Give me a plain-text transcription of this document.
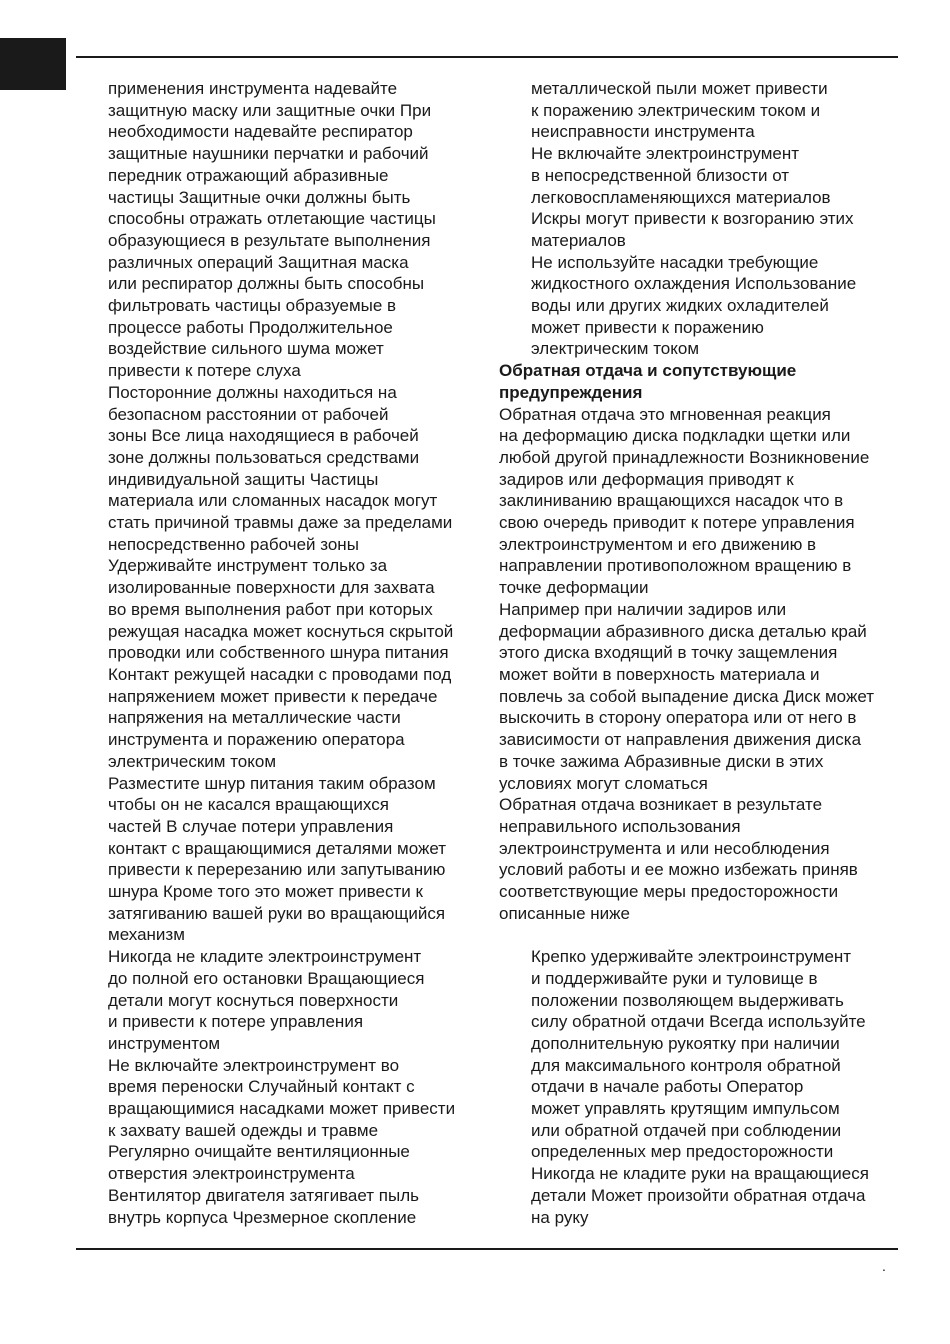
применения инструмента надевайте
защитную маску или защитные очки При
необходимости надевайте респиратор
защитные наушники перчатки и рабочий
передник отражающий абразивные
частицы Защитные очки должны быть
способны отражать отлетающие частицы
образующиеся в результате выполнения
различных операций Защитная маска
или респиратор должны быть способны
фильтровать частицы образуемые в
процессе работы Продолжительное
воздействие сильного шума может
привести к потере слуха
Посторонние должны находиться на
безопасном расстоянии от рабочей
зоны Все лица находящиеся в рабочей
зоне должны пользоваться средствами
индивидуальной защиты Частицы
материала или сломанных насадок могут
стать причиной травмы даже за пределами
непосредственно рабочей зоны
Удерживайте инструмент только за
изолированные поверхности для захвата
во время выполнения работ при которых
режущая насадка может коснуться скрытой
проводки или собственного шнура питания
Контакт режущей насадки с проводами под
напряжением может привести к передаче
напряжения на металлические части
инструмента и поражению оператора
электрическим током
Разместите шнур питания таким образом
чтобы он не касался вращающихся
частей В случае потери управления
контакт с вращающимися деталями может
привести к перерезанию или запутыванию
шнура Кроме того это может привести к
затягиванию вашей руки во вращающийся
механизм
Никогда не кладите электроинструмент
до полной его остановки Вращающиеся
детали могут коснуться поверхности
и привести к потере управления
инструментом
Не включайте электроинструмент во
время переноски Случайный контакт с
вращающимися насадками может привести
к захвату вашей одежды и травме
Регулярно очищайте вентиляционные
отверстия электроинструмента
Вентилятор двигателя затягивает пыль
внутрь корпуса Чрезмерное скопление
металлической пыли может привести
к поражению электрическим током и
неисправности инструмента
Не включайте электроинструмент
в непосредственной близости от
легковоспламеняющихся материалов
Искры могут привести к возгоранию этих
материалов
Не используйте насадки требующие
жидкостного охлаждения Использование
воды или других жидких охладителей
может привести к поражению
электрическим током
Обратная отдача и сопутствующие
предупреждения
Обратная отдача это мгновенная реакция
на деформацию диска подкладки щетки или
любой другой принадлежности Возникновение
задиров или деформация приводят к
заклиниванию вращающихся насадок что в
свою очередь приводит к потере управления
электроинструментом и его движению в
направлении противоположном вращению в
точке деформации
Например при наличии задиров или
деформации абразивного диска деталью край
этого диска входящий в точку защемления
может войти в поверхность материала и
повлечь за собой выпадение диска Диск может
выскочить в сторону оператора или от него в
зависимости от направления движения диска
в точке зажима Абразивные диски в этих
условиях могут сломаться
Обратная отдача возникает в результате
неправильного использования
электроинструмента и или несоблюдения
условий работы и ее можно избежать приняв
соответствующие меры предосторожности
описанные ниже
Крепко удерживайте электроинструмент
и поддерживайте руки и туловище в
положении позволяющем выдерживать
силу обратной отдачи Всегда используйте
дополнительную рукоятку при наличии
для максимального контроля обратной
отдачи в начале работы Оператор
может управлять крутящим импульсом
или обратной отдачей при соблюдении
определенных мер предосторожности
Никогда не кладите руки на вращающиеся
детали Может произойти обратная отдача
на руку
.
